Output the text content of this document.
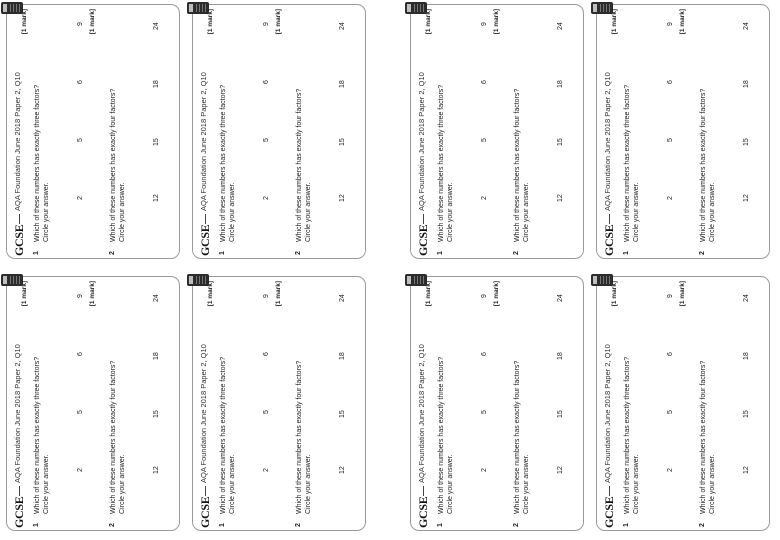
GCSE
AQA Foundation June 2018 Paper 2, Q10
[1 mark]
1
Which of these numbers has exactly three factors? Circle your answer.	2
5
6
9 [1 mark]
2
Which of these numbers has exactly four factors? Circle your answer.	12
15
18
24
GCSE
AQA Foundation June 2018 Paper 2, Q10
[1 mark]
1
Which of these numbers has exactly three factors? Circle your answer.	2
5
6
9 [1 mark]
2
Which of these numbers has exactly four factors? Circle your answer.	12
15
18
24
GCSE
AQA Foundation June 2018 Paper 2, Q10
[1 mark]
1
Which of these numbers has exactly three factors? Circle your answer.	2
5
6
9 [1 mark]
2
Which of these numbers has exactly four factors? Circle your answer.	12
15
18
24
GCSE
AQA Foundation June 2018 Paper 2, Q10
[1 mark]
1
Which of these numbers has exactly three factors? Circle your answer.	2
5
6
9 [1 mark]
2
Which of these numbers has exactly four factors? Circle your answer.	12
15
18
24
GCSE
AQA Foundation June 2018 Paper 2, Q10
[1 mark]
1
Which of these numbers has exactly three factors? Circle your answer.	2
5
6
9 [1 mark]
2
Which of these numbers has exactly four factors? Circle your answer.	12
15
18
24
GCSE
AQA Foundation June 2018 Paper 2, Q10
[1 mark]
1
Which of these numbers has exactly three factors? Circle your answer.	2
5
6
9 [1 mark]
2
Which of these numbers has exactly four factors? Circle your answer.	12
15
18
24
GCSE
AQA Foundation June 2018 Paper 2, Q10
[1 mark]
1
Which of these numbers has exactly three factors? Circle your answer.	2
5
6
9 [1 mark]
2
Which of these numbers has exactly four factors? Circle your answer.	12
15
18
24
GCSE
AQA Foundation June 2018 Paper 2, Q10
[1 mark]
1
Which of these numbers has exactly three factors? Circle your answer.	2
5
6
9 [1 mark]
2
Which of these numbers has exactly four factors? Circle your answer.	12
15
18
24
